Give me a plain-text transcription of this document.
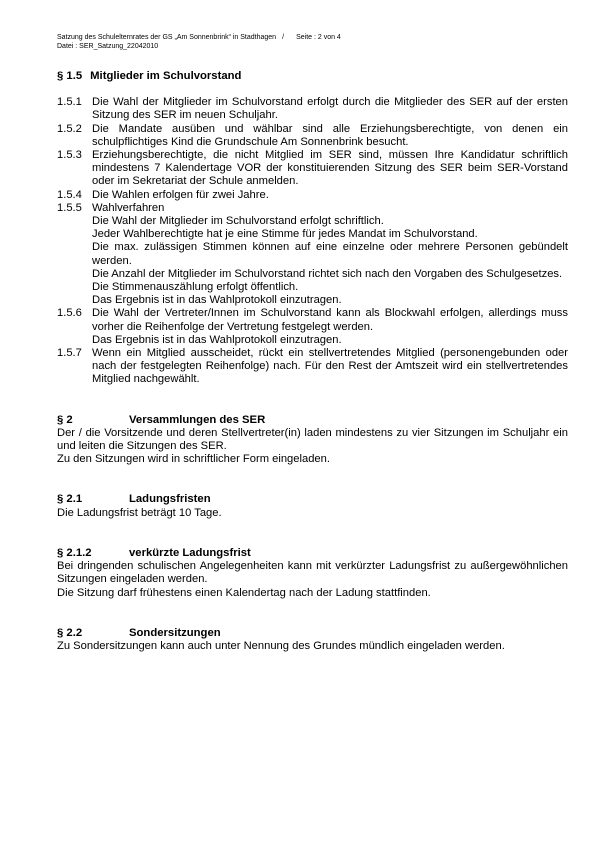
Satzung des Schulelternrates der GS „Am Sonnenbrink“ in Stadthagen / Seite : 2 von 4
Datei : SER_Satzung_22042010
§ 1.5 Mitglieder im Schulvorstand
1.5.1 Die Wahl der Mitglieder im Schulvorstand erfolgt durch die Mitglieder des SER auf der ersten Sitzung des SER im neuen Schuljahr.
1.5.2 Die Mandate ausüben und wählbar sind alle Erziehungsberechtigte, von denen ein schulpflichtiges Kind die Grundschule Am Sonnenbrink besucht.
1.5.3 Erziehungsberechtigte, die nicht Mitglied im SER sind, müssen Ihre Kandidatur schriftlich mindestens 7 Kalendertage VOR der konstituierenden Sitzung des SER beim SER-Vorstand oder im Sekretariat der Schule anmelden.
1.5.4 Die Wahlen erfolgen für zwei Jahre.
1.5.5 Wahlverfahren
Die Wahl der Mitglieder im Schulvorstand erfolgt schriftlich.
Jeder Wahlberechtigte hat je eine Stimme für jedes Mandat im Schulvorstand.
Die max. zulässigen Stimmen können auf eine einzelne oder mehrere Personen gebündelt werden.
Die Anzahl der Mitglieder im Schulvorstand richtet sich nach den Vorgaben des Schulgesetzes.
Die Stimmenauszählung erfolgt öffentlich.
Das Ergebnis ist in das Wahlprotokoll einzutragen.
1.5.6 Die Wahl der Vertreter/Innen im Schulvorstand kann als Blockwahl erfolgen, allerdings muss vorher die Reihenfolge der Vertretung festgelegt werden.
Das Ergebnis ist in das Wahlprotokoll einzutragen.
1.5.7 Wenn ein Mitglied ausscheidet, rückt ein stellvertretendes Mitglied (personengebunden oder nach der festgelegten Reihenfolge) nach. Für den Rest der Amtszeit wird ein stellvertretendes Mitglied nachgewählt.
§ 2	Versammlungen des SER
Der / die Vorsitzende und deren Stellvertreter(in) laden mindestens zu vier Sitzungen im Schuljahr ein und leiten die Sitzungen des SER.
Zu den Sitzungen wird in schriftlicher Form eingeladen.
§ 2.1	Ladungsfristen
Die Ladungsfrist beträgt 10 Tage.
§ 2.1.2	verkürzte Ladungsfrist
Bei dringenden schulischen Angelegenheiten kann mit verkürzter Ladungsfrist zu außergewöhnlichen Sitzungen eingeladen werden.
Die Sitzung darf frühestens einen Kalendertag nach der Ladung stattfinden.
§ 2.2	Sondersitzungen
Zu Sondersitzungen kann auch unter Nennung des Grundes mündlich eingeladen werden.
